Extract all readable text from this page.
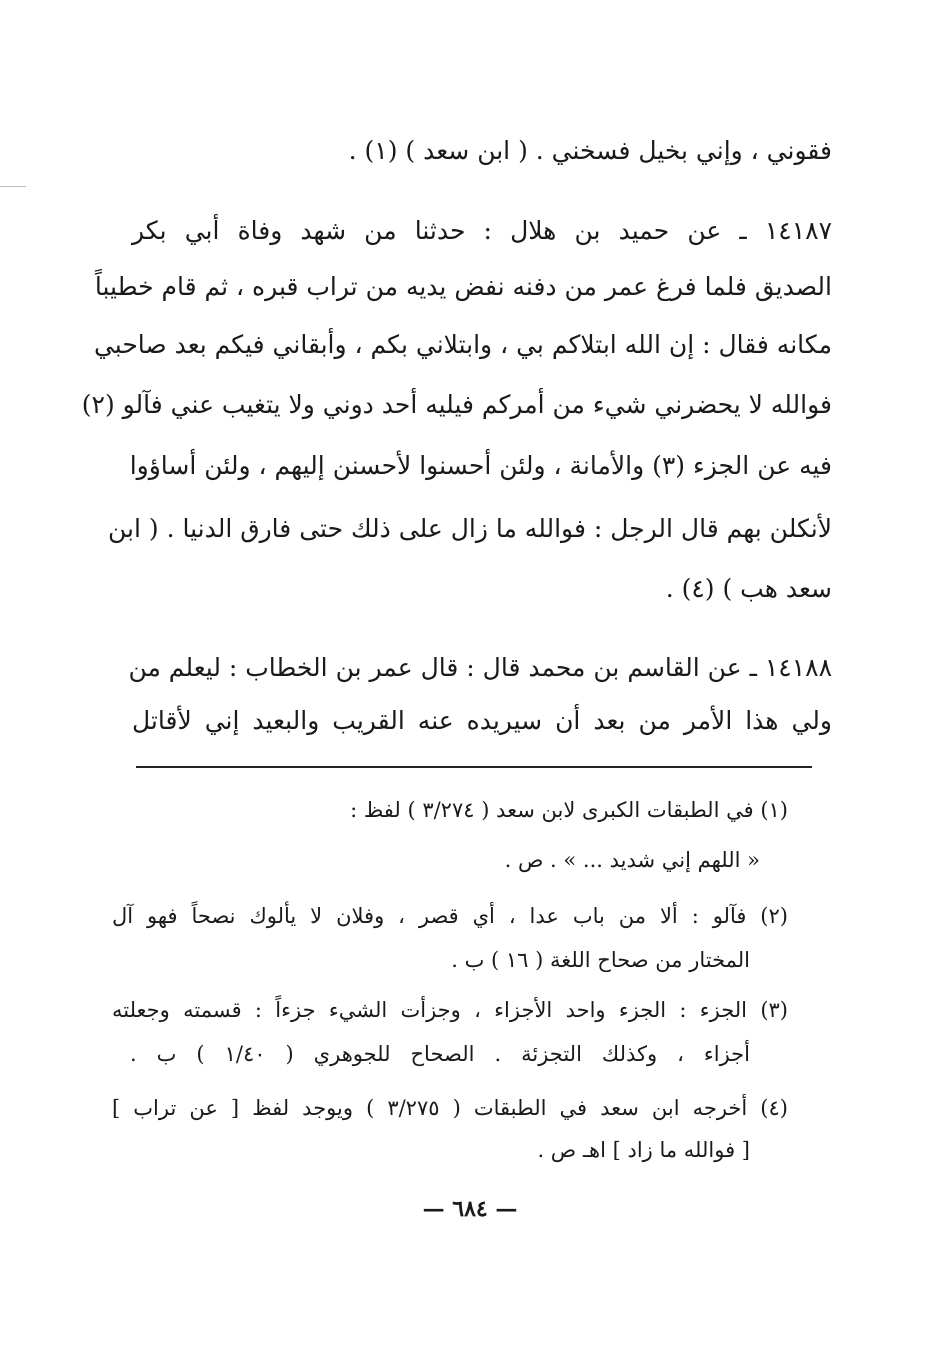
فقوني ، وإني بخيل فسخني . ( ابن سعد ) (١) .
١٤١٨٧ ـ عن حميد بن هلال : حدثنا من شهد وفاة أبي بكر
الصديق فلما فرغ عمر من دفنه نفض يديه من تراب قبره ، ثم قام خطيباً
مكانه فقال : إن الله ابتلاكم بي ، وابتلاني بكم ، وأبقاني فيكم بعد صاحبي
فوالله لا يحضرني شيء من أمركم فيليه أحد دوني ولا يتغيب عني فآلو (٢)
فيه عن الجزء (٣) والأمانة ، ولئن أحسنوا لأحسنن إليهم ، ولئن أساؤوا
لأنكلن بهم قال الرجل : فوالله ما زال على ذلك حتى فارق الدنيا . ( ابن
سعد هب ) (٤) .
١٤١٨٨ ـ عن القاسم بن محمد قال : قال عمر بن الخطاب : ليعلم من
ولي هذا الأمر من بعد أن سيريده عنه القريب والبعيد إني لأقاتل
(١) في الطبقات الكبرى لابن سعد ( ٣/٢٧٤ ) لفظ :
« اللهم إني شديد ... » . ص .
(٢) فآلو : ألا من باب عدا ، أي قصر ، وفلان لا يألوك نصحاً فهو آل
المختار من صحاح اللغة ( ١٦ ) ب .
(٣) الجزء : الجزء واحد الأجزاء ، وجزأت الشيء جزءاً : قسمته وجعلته
أجزاء ، وكذلك التجزئة . الصحاح للجوهري ( ١/٤٠ ) ب .
(٤) أخرجه ابن سعد في الطبقات ( ٣/٢٧٥ ) ويوجد لفظ [ عن تراب ]
[ فوالله ما زاد ] اهـ ص .
— ٦٨٤ —
